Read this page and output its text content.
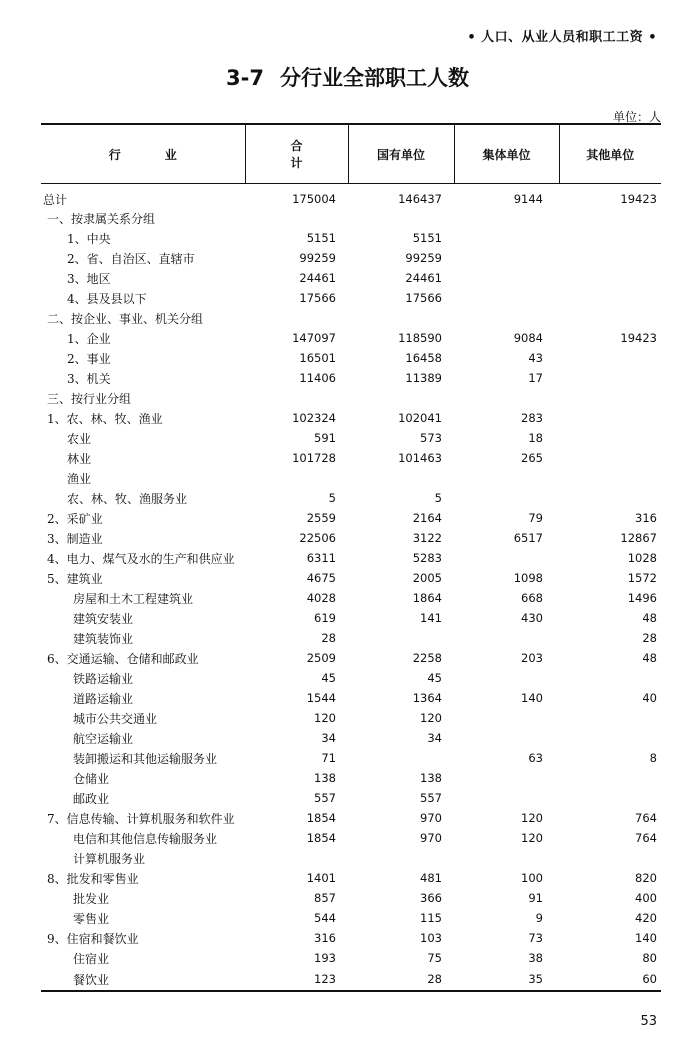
• 人口、从业人员和职工工资 •
3-7 分行业全部职工人数
单位：人
行业	合计	国有单位	集体单位	其他单位
总计	175004	146437	9144	19423
一、按隶属关系分组				
1、中央	5151	5151		
2、省、自治区、直辖市	99259	99259		
3、地区	24461	24461		
4、县及县以下	17566	17566		
二、按企业、事业、机关分组				
1、企业	147097	118590	9084	19423
2、事业	16501	16458	43	
3、机关	11406	11389	17	
三、按行业分组				
1、农、林、牧、渔业	102324	102041	283	
农业	591	573	18	
林业	101728	101463	265	
渔业				
农、林、牧、渔服务业	5	5		
2、采矿业	2559	2164	79	316
3、制造业	22506	3122	6517	12867
4、电力、煤气及水的生产和供应业	6311	5283		1028
5、建筑业	4675	2005	1098	1572
房屋和土木工程建筑业	4028	1864	668	1496
建筑安装业	619	141	430	48
建筑装饰业	28			28
6、交通运输、仓储和邮政业	2509	2258	203	48
铁路运输业	45	45		
道路运输业	1544	1364	140	40
城市公共交通业	120	120		
航空运输业	34	34		
装卸搬运和其他运输服务业	71		63	8
仓储业	138	138		
邮政业	557	557		
7、信息传输、计算机服务和软件业	1854	970	120	764
电信和其他信息传输服务业	1854	970	120	764
计算机服务业				
8、批发和零售业	1401	481	100	820
批发业	857	366	91	400
零售业	544	115	9	420
9、住宿和餐饮业	316	103	73	140
住宿业	193	75	38	80
餐饮业	123	28	35	60
53
